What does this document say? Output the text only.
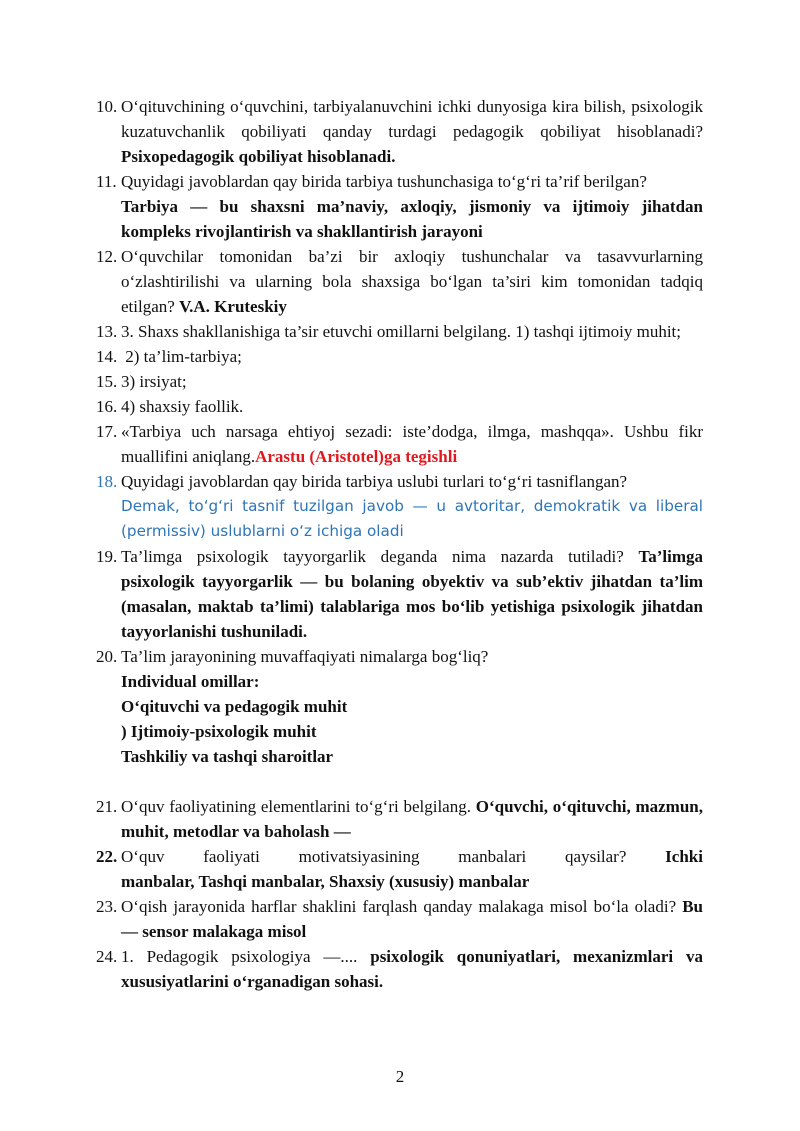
10. O‘qituvchining o‘quvchini, tarbiyalanuvchini ichki dunyosiga kira bilish, psixologik kuzatuvchanlik qobiliyati qanday turdagi pedagogik qobiliyat hisoblanadi? Psixopedagogik qobiliyat hisoblanadi.
11. Quyidagi javoblardan qay birida tarbiya tushunchasiga to‘g‘ri ta’rif berilgan?
Tarbiya — bu shaxsni ma’naviy, axloqiy, jismoniy va ijtimoiy jihatdan kompleks rivojlantirish va shakllantirish jarayoni
12. O‘quvchilar tomonidan ba’zi bir axloqiy tushunchalar va tasavvurlarning o‘zlashtirilishi va ularning bola shaxsiga bo‘lgan ta’siri kim tomonidan tadqiq etilgan? V.A. Kruteskiy
13. 3. Shaxs shakllanishiga ta’sir etuvchi omillarni belgilang. 1) tashqi ijtimoiy muhit;
14. 2) ta’lim-tarbiya;
15. 3) irsiyat;
16. 4) shaxsiy faollik.
17. «Tarbiya uch narsaga ehtiyoj sezadi: iste’dodga, ilmga, mashqqa». Ushbu fikr muallifini aniqlang.Arastu (Aristotel)ga tegishli
18. Quyidagi javoblardan qay birida tarbiya uslubi turlari to‘g‘ri tasniflangan?
Demak, to‘g‘ri tasnif tuzilgan javob — u avtoritar, demokratik va liberal (permissiv) uslublarni o‘z ichiga oladi
19. Ta’limga psixologik tayyorgarlik deganda nima nazarda tutiladi? Ta’limga psixologik tayyorgarlik — bu bolaning obyektiv va sub’ektiv jihatdan ta’lim (masalan, maktab ta’limi) talablariga mos bo‘lib yetishiga psixologik jihatdan tayyorlanishi tushuniladi.
20. Ta’lim jarayonining muvaffaqiyati nimalarga bog‘liq?
Individual omillar:
O‘qituvchi va pedagogik muhit
) Ijtimoiy-psixologik muhit
Tashkiliy va tashqi sharoitlar
21. O‘quv faoliyatining elementlarini to‘g‘ri belgilang. O‘quvchi, o‘qituvchi, mazmun, muhit, metodlar va baholash —
22. O‘quv faoliyati motivatsiyasining manbalari qaysilar? Ichki
manbalar, Tashqi manbalar, Shaxsiy (xususiy) manbalar
23. O‘qish jarayonida harflar shaklini farqlash qanday malakaga misol bo‘la oladi? Bu — sensor malakaga misol
24. 1. Pedagogik psixologiya —.... psixologik qonuniyatlari, mexanizmlari va xususiyatlarini o‘rganadigan sohasi.
2
